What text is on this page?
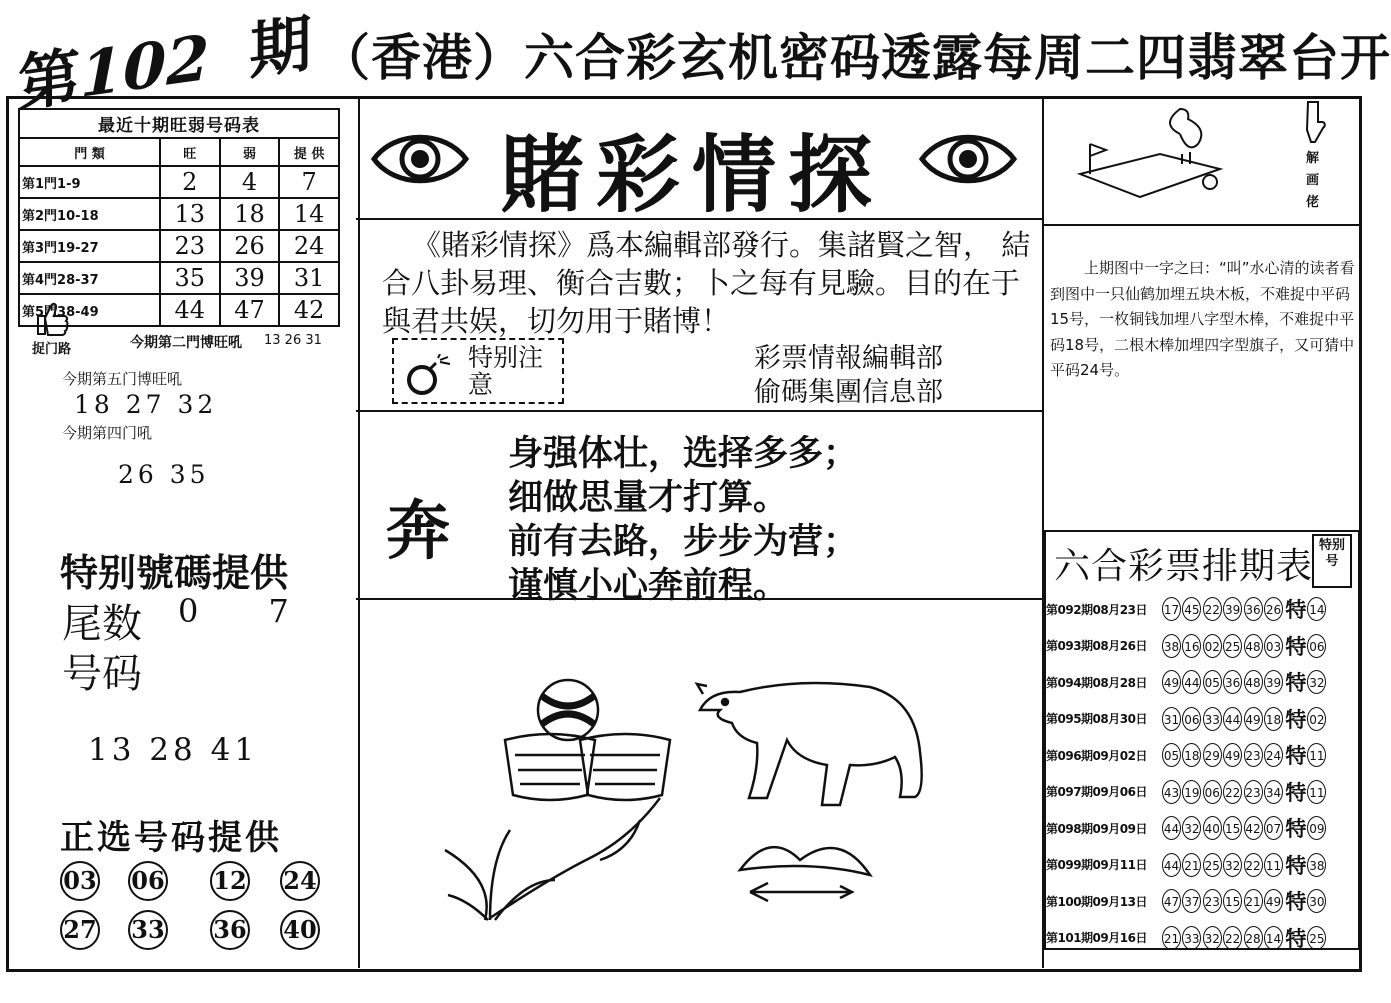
第102 期 （香港）六合彩玄机密码透露每周二四翡翠台开
最近十期旺弱号码表			
門 類	旺	弱	提 供
第1門1-9	2	4	7
第2門10-18	13	18	14
第3門19-27	23	26	24
第4門28-37	35	39	31
第5門38-49	44	47	42
捉门路	今期第二門博旺吼 13 26 31
今期第五门博旺吼
18 27 32
今期第四门吼
26 35
特别號碼提供
尾数 0 7
号码
13 28 41
正选号码提供
03 06 12 24
27 33 36 40
賭彩情探
《賭彩情探》爲本編輯部發行。集諸賢之智， 結合八卦易理、衡合吉數；卜之每有見驗。目的在于與君共娱，切勿用于賭博！
特别注意
彩票情報編輯部
偷碼集團信息部
奔
身强体壮，选择多多；
细做思量才打算。
前有去路，步步为营；
谨慎小心奔前程。
解画佬
上期图中一字之曰：“叫”水心清的读者看到图中一只仙鹤加埋五块木板，不难捉中平码15号，一枚铜钱加埋八字型木棒，不难捉中平码18号，二根木棒加埋四字型旗子，又可猜中平码24号。
六合彩票排期表
特别号
第092期08月23日	17 45 22 39 36 26 特 14
第093期08月26日	38 16 02 25 48 03 特 06
第094期08月28日	49 44 05 36 48 39 特 32
第095期08月30日	31 06 33 44 49 18 特 02
第096期09月02日	05 18 29 49 23 24 特 11
第097期09月06日	43 19 06 22 23 34 特 11
第098期09月09日	44 32 40 15 42 07 特 09
第099期09月11日	44 21 25 32 22 11 特 38
第100期09月13日	47 37 23 15 21 49 特 30
第101期09月16日	21 33 32 22 28 14 特 25
